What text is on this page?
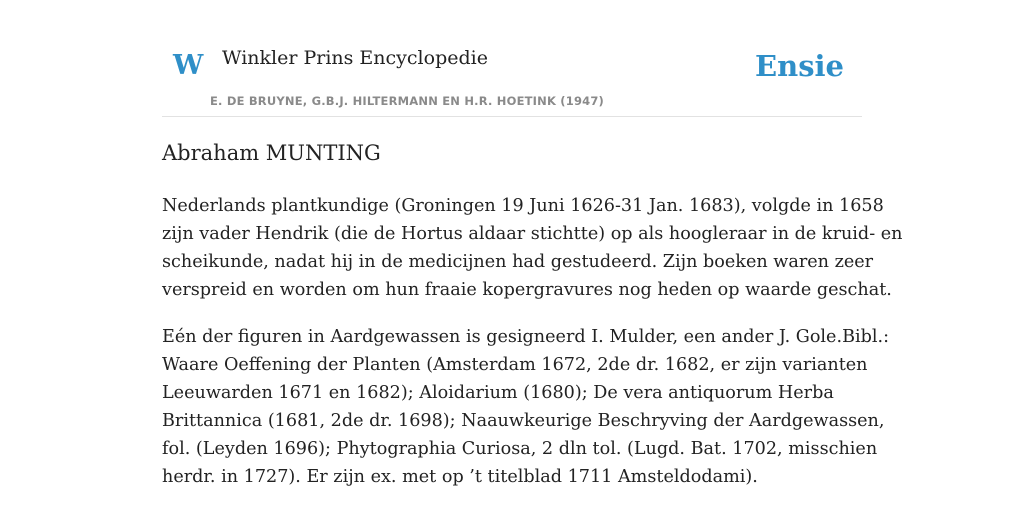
W Winkler Prins Encyclopedie
E. DE BRUYNE, G.B.J. HILTERMANN EN H.R. HOETINK (1947)
Ensie
Abraham MUNTING

Nederlands plantkundige (Groningen 19 Juni 1626-31 Jan. 1683), volgde in 1658
zijn vader Hendrik (die de Hortus aldaar stichtte) op als hoogleraar in de kruid- en
scheikunde, nadat hij in de medicijnen had gestudeerd. Zijn boeken waren zeer
verspreid en worden om hun fraaie kopergravures nog heden op waarde geschat.

Eén der figuren in Aardgewassen is gesigneerd I. Mulder, een ander J. Gole.Bibl.:
Waare Oeffening der Planten (Amsterdam 1672, 2de dr. 1682, er zijn varianten
Leeuwarden 1671 en 1682); Aloidarium (1680); De vera antiquorum Herba
Brittannica (1681, 2de dr. 1698); Naauwkeurige Beschryving der Aardgewassen,
fol. (Leyden 1696); Phytographia Curiosa, 2 dln tol. (Lugd. Bat. 1702, misschien
herdr. in 1727). Er zijn ex. met op ’t titelblad 1711 Amsteldodami).
